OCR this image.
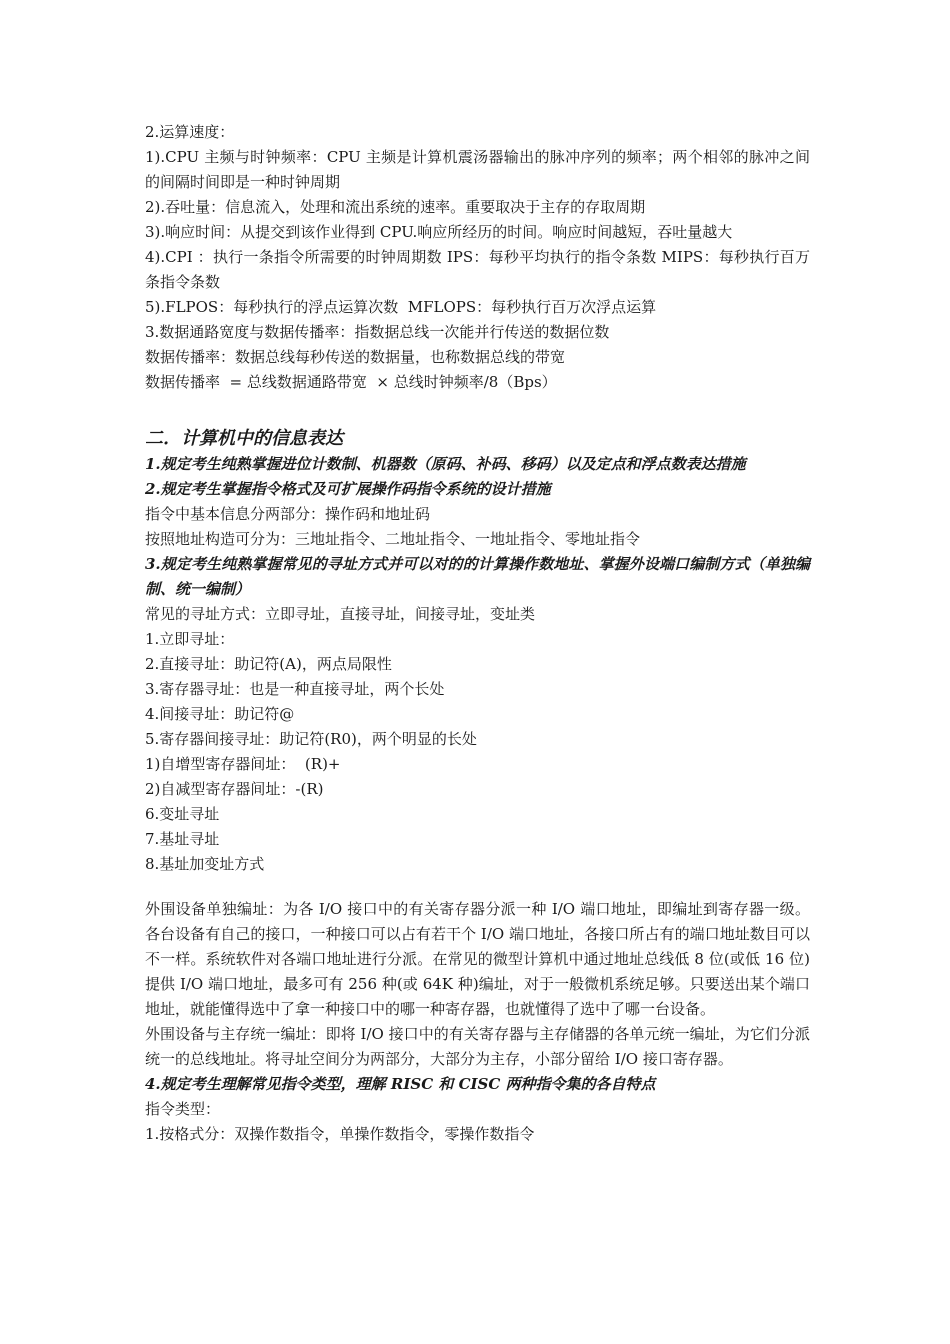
2.运算速度：
1).CPU 主频与时钟频率：CPU 主频是计算机震汤器输出的脉冲序列的频率；两个相邻的脉冲之间的间隔时间即是一种时钟周期
2).吞吐量：信息流入，处理和流出系统的速率。重要取决于主存的存取周期
3).响应时间：从提交到该作业得到 CPU.响应所经历的时间。响应时间越短，吞吐量越大
4).CPI ：执行一条指令所需要的时钟周期数 IPS：每秒平均执行的指令条数 MIPS：每秒执行百万条指令条数
5).FLPOS：每秒执行的浮点运算次数  MFLOPS：每秒执行百万次浮点运算
3.数据通路宽度与数据传播率：指数据总线一次能并行传送的数据位数
数据传播率：数据总线每秒传送的数据量，也称数据总线的带宽
数据传播率  = 总线数据通路带宽  × 总线时钟频率/8（Bps）
二．计算机中的信息表达
1.规定考生纯熟掌握进位计数制、机器数（原码、补码、移码）以及定点和浮点数表达措施
2.规定考生掌握指令格式及可扩展操作码指令系统的设计措施
指令中基本信息分两部分：操作码和地址码
按照地址构造可分为：三地址指令、二地址指令、一地址指令、零地址指令
3.规定考生纯熟掌握常见的寻址方式并可以对的的计算操作数地址、掌握外设端口编制方式（单独编制、统一编制）
常见的寻址方式：立即寻址，直接寻址，间接寻址，变址类
1.立即寻址：
2.直接寻址：助记符(A)，两点局限性
3.寄存器寻址：也是一种直接寻址，两个长处
4.间接寻址：助记符@
5.寄存器间接寻址：助记符(R0)，两个明显的长处
1)自增型寄存器间址：  (R)+
2)自减型寄存器间址：-(R)
6.变址寻址
7.基址寻址
8.基址加变址方式
外围设备单独编址：为各 I/O 接口中的有关寄存器分派一种 I/O 端口地址，即编址到寄存器一级。各台设备有自己的接口，一种接口可以占有若干个 I/O 端口地址，各接口所占有的端口地址数目可以不一样。系统软件对各端口地址进行分派。在常见的微型计算机中通过地址总线低 8 位(或低 16 位)提供 I/O 端口地址，最多可有 256 种(或 64K 种)编址，对于一般微机系统足够。只要送出某个端口地址，就能懂得选中了拿一种接口中的哪一种寄存器，也就懂得了选中了哪一台设备。
外围设备与主存统一编址：即将 I/O 接口中的有关寄存器与主存储器的各单元统一编址，为它们分派统一的总线地址。将寻址空间分为两部分，大部分为主存，小部分留给 I/O 接口寄存器。
4.规定考生理解常见指令类型，理解 RISC 和 CISC 两种指令集的各自特点
指令类型：
1.按格式分：双操作数指令，单操作数指令，零操作数指令
